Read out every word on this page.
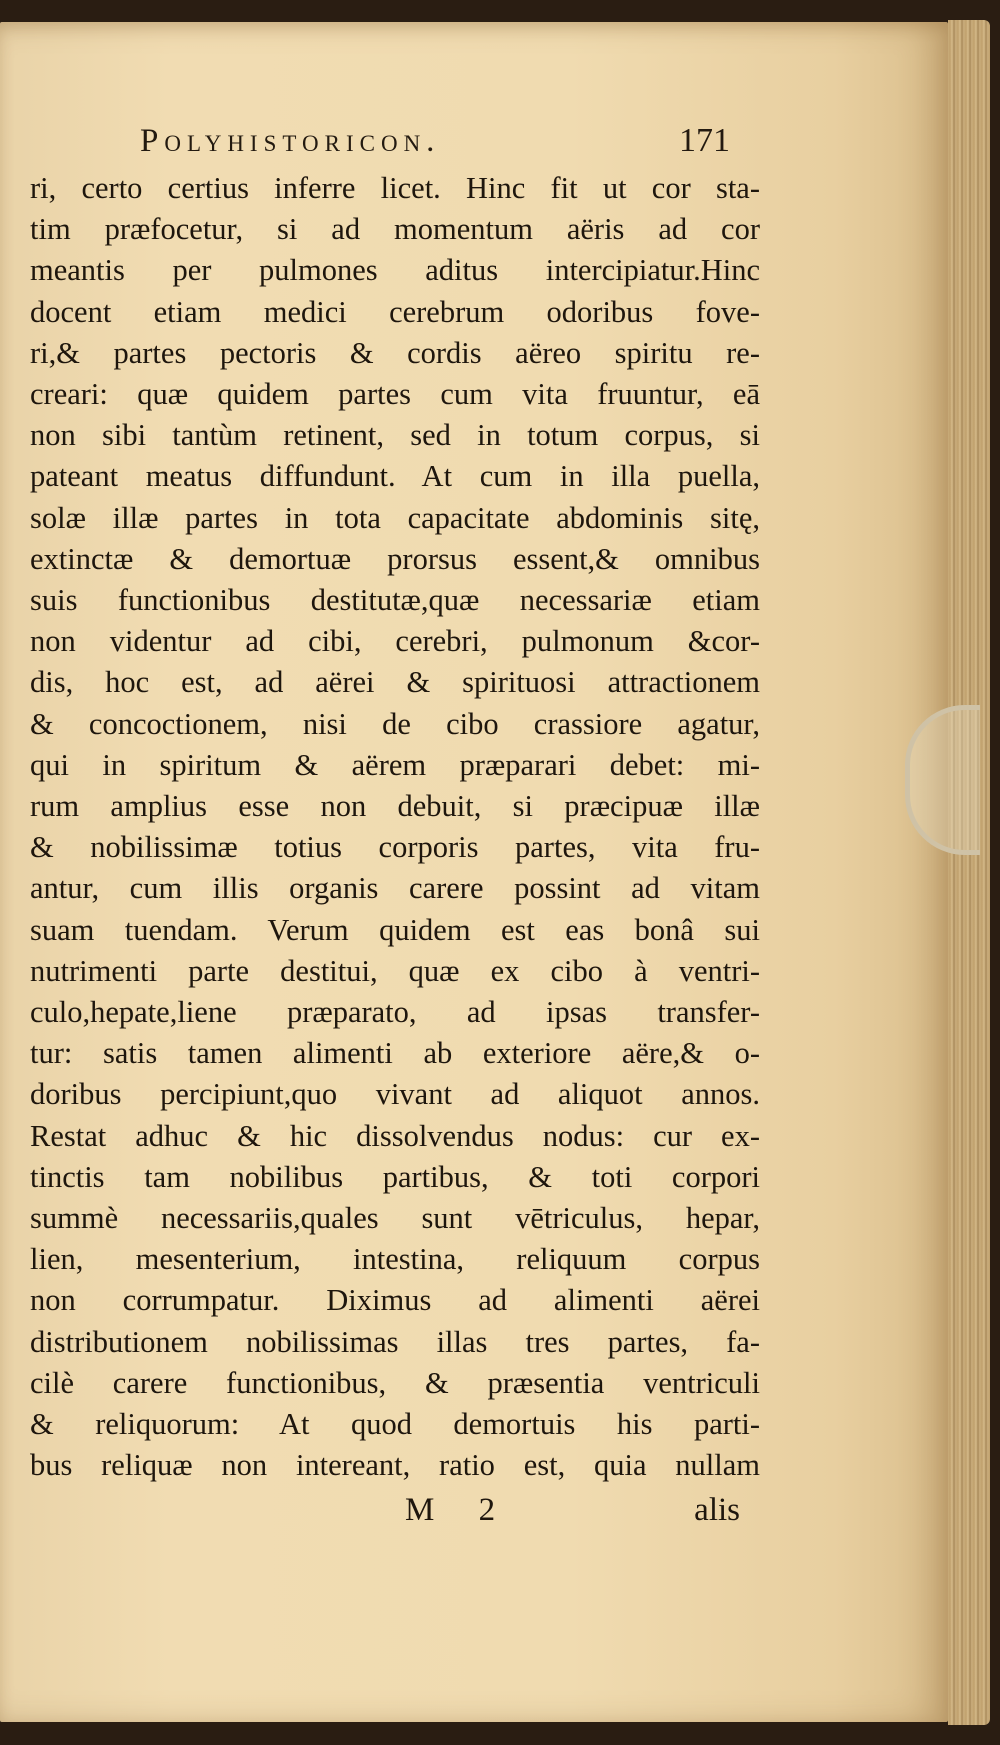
Polyhistoricon.	171
ri, certo certius inferre licet. Hinc fit ut cor sta-
tim præfocetur, si ad momentum aëris ad cor
meantis per pulmones aditus intercipiatur.Hinc
docent etiam medici cerebrum odoribus fove-
ri,& partes pectoris & cordis aëreo spiritu re-
creari: quæ quidem partes cum vita fruuntur, eā
non sibi tantùm retinent, sed in totum corpus, si
pateant meatus diffundunt. At cum in illa puella,
solæ illæ partes in tota capacitate abdominis sitę,
extinctæ & demortuæ prorsus essent,& omnibus
suis functionibus destitutæ,quæ necessariæ etiam
non videntur ad cibi, cerebri, pulmonum &cor-
dis, hoc est, ad aërei & spirituosi attractionem
& concoctionem, nisi de cibo crassiore agatur,
qui in spiritum & aërem præparari debet: mi-
rum amplius esse non debuit, si præcipuæ illæ
& nobilissimæ totius corporis partes, vita fru-
antur, cum illis organis carere possint ad vitam
suam tuendam. Verum quidem est eas bonâ sui
nutrimenti parte destitui, quæ ex cibo à ventri-
culo,hepate,liene præparato, ad ipsas transfer-
tur: satis tamen alimenti ab exteriore aëre,& o-
doribus percipiunt,quo vivant ad aliquot annos.
Restat adhuc & hic dissolvendus nodus: cur ex-
tinctis tam nobilibus partibus, & toti corpori
summè necessariis,quales sunt vētriculus, hepar,
lien, mesenterium, intestina, reliquum corpus
non corrumpatur. Diximus ad alimenti aërei
distributionem nobilissimas illas tres partes, fa-
cilè carere functionibus, & præsentia ventriculi
& reliquorum: At quod demortuis his parti-
bus reliquæ non intereant, ratio est, quia nullam
M 2	alis
